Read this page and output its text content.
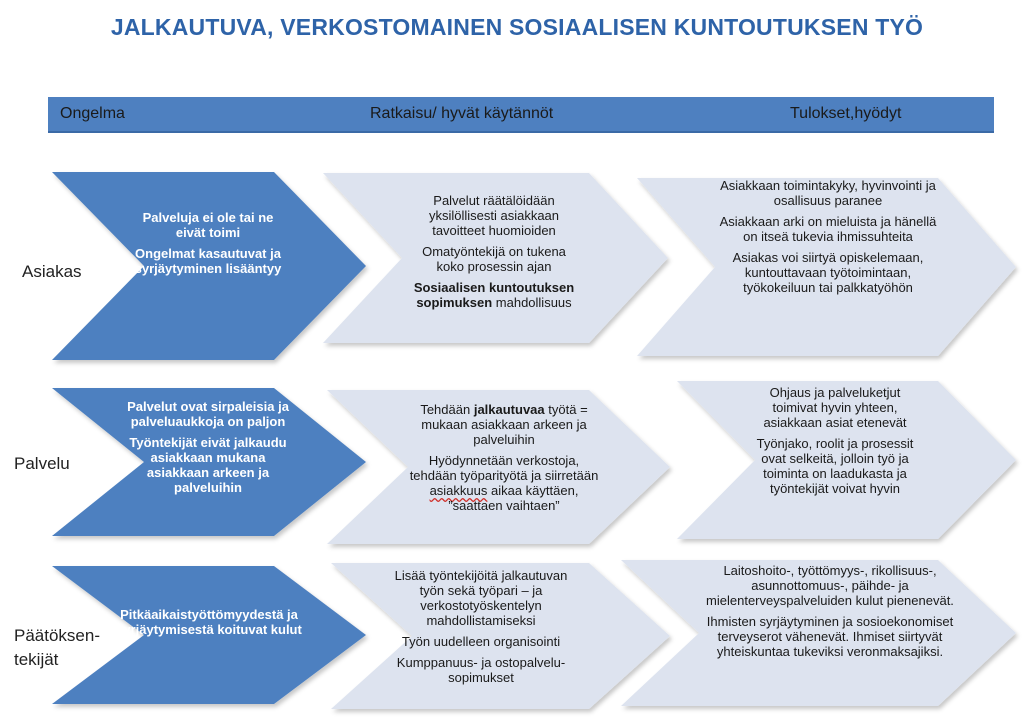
JALKAUTUVA, VERKOSTOMAINEN SOSIAALISEN KUNTOUTUKSEN TYÖ
Ongelma	Ratkaisu/ hyvät käytännöt	Tulokset,hyödyt
Asiakas
Palvelu
Päätöksen-
tekijät

Palveluja ei ole tai ne eivät toimi

Ongelmat kasautuvat ja syrjäytyminen lisääntyy

Palvelut räätälöidään yksilöllisesti asiakkaan tavoitteet huomioiden

Omatyöntekijä on tukena koko prosessin ajan

Sosiaalisen kuntoutuksen sopimuksen mahdollisuus

Asiakkaan toimintakyky, hyvinvointi ja osallisuus paranee

Asiakkaan arki on mieluista ja hänellä on itseä tukevia ihmissuhteita

Asiakas voi siirtyä opiskelemaan, kuntouttavaan työtoimintaan, työkokeiluun tai palkkatyöhön

Palvelut ovat sirpaleisia ja palveluaukkoja on paljon

Työntekijät eivät jalkaudu asiakkaan mukana asiakkaan arkeen ja palveluihin

Tehdään jalkautuvaa työtä = mukaan asiakkaan arkeen ja palveluihin

Hyödynnetään verkostoja, tehdään työparityötä ja siirretään asiakkuus aikaa käyttäen, ”saattaen vaihtaen”

Ohjaus ja palveluketjut toimivat hyvin yhteen, asiakkaan asiat etenevät

Työnjako, roolit ja prosessit ovat selkeitä, jolloin työ ja toiminta on laadukasta ja työntekijät voivat hyvin

Pitkäaikaistyöttömyydestä ja syrjäytymisestä koituvat kulut

Lisää työntekijöitä jalkautuvan työn sekä työpari – ja verkostotyöskentelyn mahdollistamiseksi

Työn uudelleen organisointi

Kumppanuus- ja ostopalvelu-sopimukset

Laitoshoito-, työttömyys-, rikollisuus-, asunnottomuus-, päihde- ja mielenterveyspalveluiden kulut pienenevät.

Ihmisten syrjäytyminen ja sosioekonomiset terveyserot vähenevät. Ihmiset siirtyvät yhteiskuntaa tukeviksi veronmaksajiksi.
